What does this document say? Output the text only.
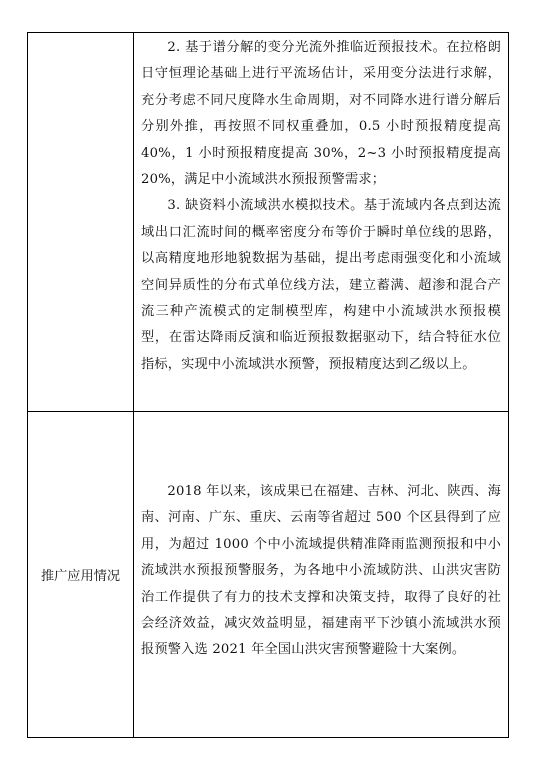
2. 基于谱分解的变分光流外推临近预报技术。在拉格朗日守恒理论基础上进行平流场估计，采用变分法进行求解，充分考虑不同尺度降水生命周期，对不同降水进行谱分解后分别外推，再按照不同权重叠加，0.5 小时预报精度提高 40%，1 小时预报精度提高 30%，2~3 小时预报精度提高 20%，满足中小流域洪水预报预警需求；

3. 缺资料小流域洪水模拟技术。基于流域内各点到达流域出口汇流时间的概率密度分布等价于瞬时单位线的思路，以高精度地形地貌数据为基础，提出考虑雨强变化和小流域空间异质性的分布式单位线方法，建立蓄满、超渗和混合产流三种产流模式的定制模型库，构建中小流域洪水预报模型，在雷达降雨反演和临近预报数据驱动下，结合特征水位指标，实现中小流域洪水预警，预报精度达到乙级以上。

推广应用情况

2018 年以来，该成果已在福建、吉林、河北、陕西、海南、河南、广东、重庆、云南等省超过 500 个区县得到了应用，为超过 1000 个中小流域提供精准降雨监测预报和中小流域洪水预报预警服务，为各地中小流域防洪、山洪灾害防治工作提供了有力的技术支撑和决策支持，取得了良好的社会经济效益，减灾效益明显，福建南平下沙镇小流域洪水预报预警入选 2021 年全国山洪灾害预警避险十大案例。
